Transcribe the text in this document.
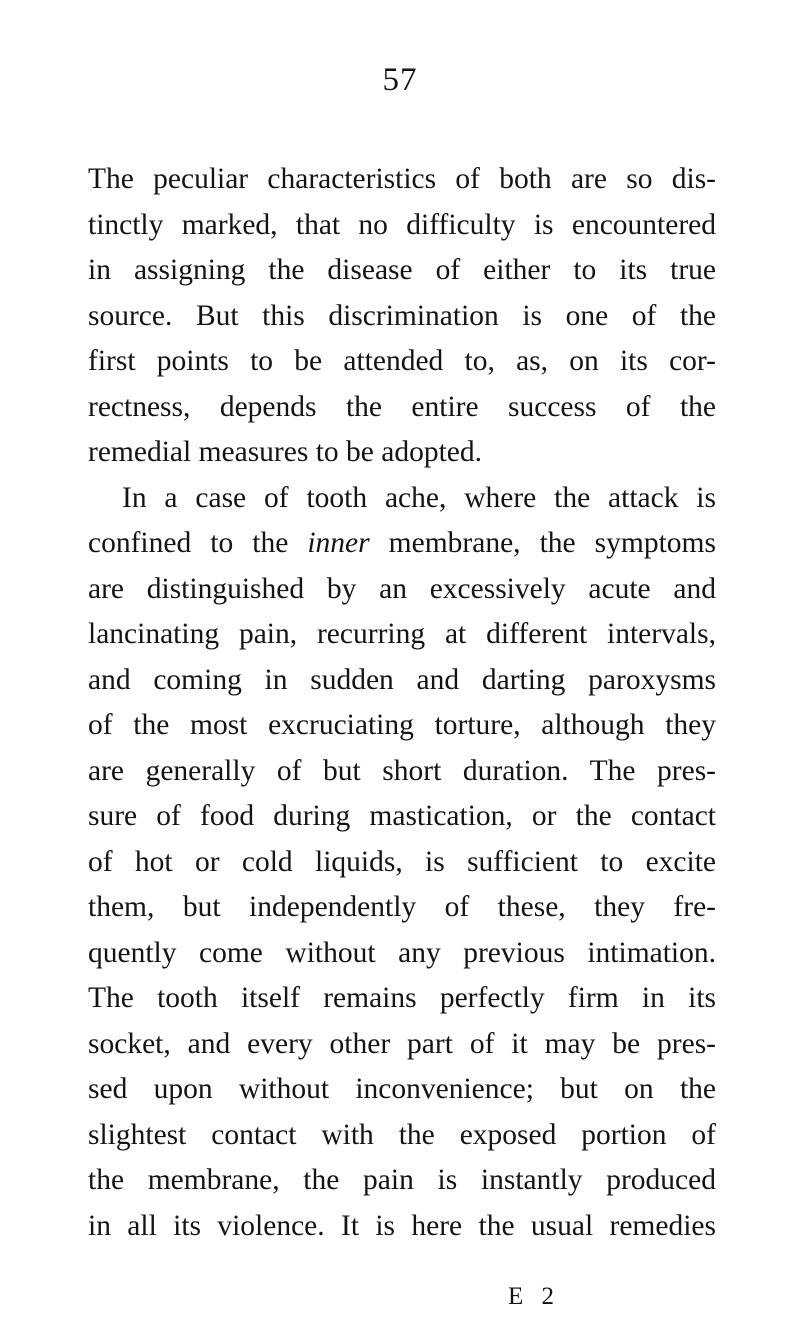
57
The peculiar characteristics of both are so dis-
tinctly marked, that no difficulty is encountered
in assigning the disease of either to its true
source. But this discrimination is one of the
first points to be attended to, as, on its cor-
rectness, depends the entire success of the
remedial measures to be adopted.
In a case of tooth ache, where the attack is
confined to the inner membrane, the symptoms
are distinguished by an excessively acute and
lancinating pain, recurring at different intervals,
and coming in sudden and darting paroxysms
of the most excruciating torture, although they
are generally of but short duration. The pres-
sure of food during mastication, or the contact
of hot or cold liquids, is sufficient to excite
them, but independently of these, they fre-
quently come without any previous intimation.
The tooth itself remains perfectly firm in its
socket, and every other part of it may be pres-
sed upon without inconvenience; but on the
slightest contact with the exposed portion of
the membrane, the pain is instantly produced
in all its violence. It is here the usual remedies
E 2
